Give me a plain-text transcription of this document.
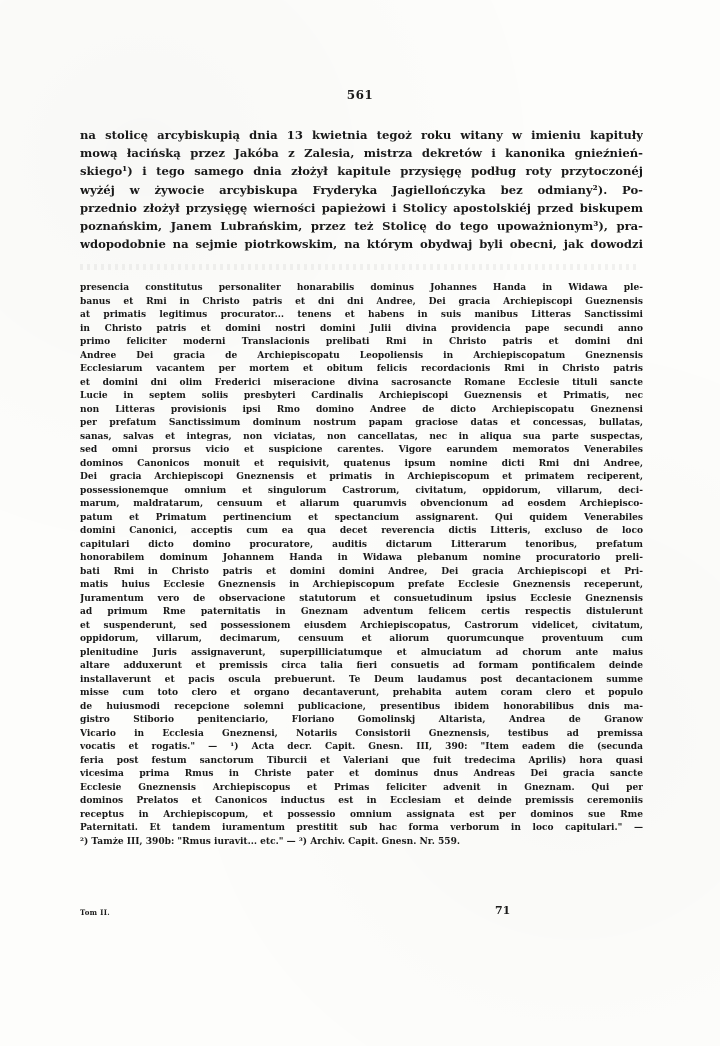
561
na stolicę arcybiskupią dnia 13 kwietnia tegoż roku witany w imieniu kapituły
mową łacińską przez Jakóba z Zalesia, mistrza dekretów i kanonika gnieźnień-
skiego¹) i tego samego dnia złożył kapitule przysięgę podług roty przytoczonéj
wyżéj w żywocie arcybiskupa Fryderyka Jagiellończyka bez odmiany²). Po-
przednio złożył przysięgę wierności papieżowi i Stolicy apostolskiéj przed biskupem
poznańskim, Janem Lubrańskim, przez też Stolicę do tego upoważnionym³), pra-
wdopodobnie na sejmie piotrkowskim, na którym obydwaj byli obecni, jak dowodzi
presencia constitutus personaliter honarabilis dominus Johannes Handa in Widawa ple-
banus et Rmi in Christo patris et dni dni Andree, Dei gracia Archiepiscopi Gueznensis
at primatis legitimus procurator... tenens et habens in suis manibus Litteras Sanctissimi
in Christo patris et domini nostri domini Julii divina providencia pape secundi anno
primo feliciter moderni Translacionis prelibati Rmi in Christo patris et domini dni
Andree Dei gracia de Archiepiscopatu Leopoliensis in Archiepiscopatum Gneznensis
Ecclesiarum vacantem per mortem et obitum felicis recordacionis Rmi in Christo patris
et domini dni olim Frederici miseracione divina sacrosancte Romane Ecclesie tituli sancte
Lucie in septem soliis presbyteri Cardinalis Archiepiscopi Gueznensis et Primatis, nec
non Litteras provisionis ipsi Rmo domino Andree de dicto Archiepiscopatu Gneznensi
per prefatum Sanctissimum dominum nostrum papam graciose datas et concessas, bullatas,
sanas, salvas et integras, non viciatas, non cancellatas, nec in aliqua sua parte suspectas,
sed omni prorsus vicio et suspicione carentes. Vigore earundem memoratos Venerabiles
dominos Canonicos monuit et requisivit, quatenus ipsum nomine dicti Rmi dni Andree,
Dei gracia Archiepiscopi Gneznensis et primatis in Archiepiscopum et primatem reciperent,
possessionemque omnium et singulorum Castrorum, civitatum, oppidorum, villarum, deci-
marum, maldratarum, censuum et aliarum quarumvis obvencionum ad eosdem Archiepisco-
patum et Primatum pertinencium et spectancium assignarent. Qui quidem Venerabiles
domini Canonici, acceptis cum ea qua decet reverencia dictis Litteris, excluso de loco
capitulari dicto domino procuratore, auditis dictarum Litterarum tenoribus, prefatum
honorabilem dominum Johannem Handa in Widawa plebanum nomine procuratorio preli-
bati Rmi in Christo patris et domini domini Andree, Dei gracia Archiepiscopi et Pri-
matis huius Ecclesie Gneznensis in Archiepiscopum prefate Ecclesie Gneznensis receperunt,
Juramentum vero de observacione statutorum et consuetudinum ipsius Ecclesie Gneznensis
ad primum Rme paternitatis in Gneznam adventum felicem certis respectis distulerunt
et suspenderunt, sed possessionem eiusdem Archiepiscopatus, Castrorum videlicet, civitatum,
oppidorum, villarum, decimarum, censuum et aliorum quorumcunque proventuum cum
plenitudine Juris assignaverunt, superpilliciatumque et almuciatum ad chorum ante maius
altare adduxerunt et premissis circa talia fieri consuetis ad formam pontificalem deinde
installaverunt et pacis oscula prebuerunt. Te Deum laudamus post decantacionem summe
misse cum toto clero et organo decantaverunt, prehabita autem coram clero et populo
de huiusmodi recepcione solemni publicacione, presentibus ibidem honorabilibus dnis ma-
gistro Stiborio penitenciario, Floriano Gomolinskj Altarista, Andrea de Granow
Vicario in Ecclesia Gneznensi, Notariis Consistorii Gneznensis, testibus ad premissa
vocatis et rogatis." — ¹) Acta decr. Capit. Gnesn. III, 390: "Item eadem die (secunda
feria post festum sanctorum Tiburcii et Valeriani que fuit tredecima Aprilis) hora quasi
vicesima prima Rmus in Christe pater et dominus dnus Andreas Dei gracia sancte
Ecclesie Gneznensis Archiepiscopus et Primas feliciter advenit in Gneznam. Qui per
dominos Prelatos et Canonicos inductus est in Ecclesiam et deinde premissis ceremoniis
receptus in Archiepiscopum, et possessio omnium assignata est per dominos sue Rme
Paternitati. Et tandem iuramentum prestitit sub hac forma verborum in loco capitulari." —
²) Tamże III, 390b: "Rmus iuravit... etc." — ³) Archiv. Capit. Gnesn. Nr. 559.
Tom II.	71
